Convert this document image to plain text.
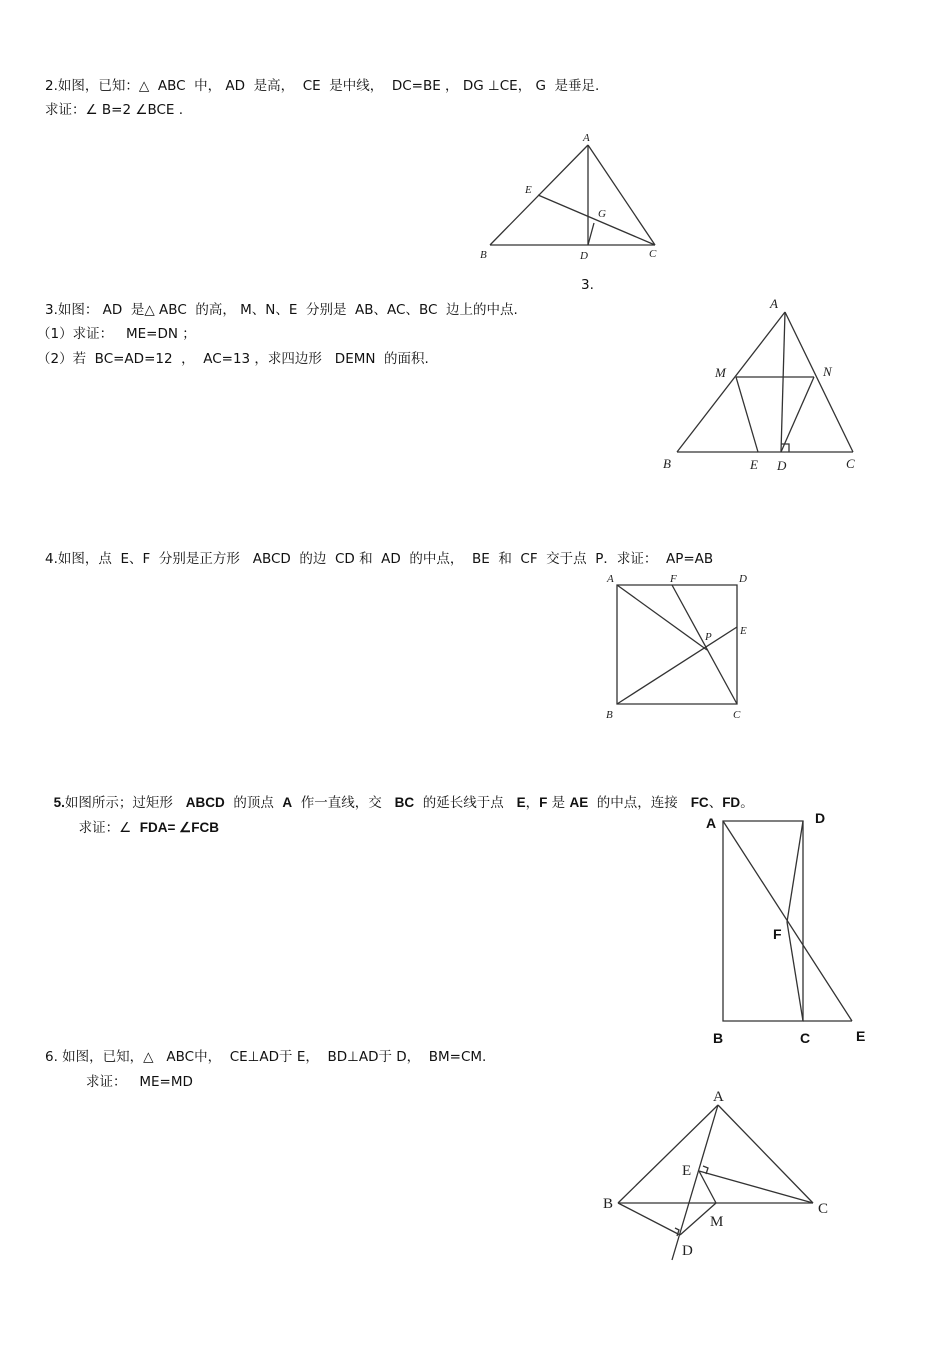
2.如图，已知：△  ABC  中， AD  是高，  CE  是中线，  DC=BE ， DG ⊥CE， G  是垂足.
求证：∠ B=2 ∠BCE .
A
B	C
D
E
G
3.
3.如图： AD  是△ ABC  的高， M、N、E  分别是  AB、AC、BC  边上的中点.
（1）求证：   ME=DN ；
（2）若  BC=AD=12  ，  AC=13 ，求四边形   DEMN  的面积.
A
M	N
B	E D	C
4.如图，点  E、F  分别是正方形   ABCD  的边  CD 和  AD  的中点，  BE  和  CF  交于点  P．求证：  AP=AB
A	F	D
P	E
B	C

5.如图所示；过矩形   ABCD  的顶点  A  作一直线，交   BC  的延长线于点   E，F 是 AE  的中点，连接   FC、FD。

求证：∠  FDA= ∠FCB	A	D
F
B	C	E
6. 如图，已知，△   ABC中，  CE⊥AD于 E，  BD⊥AD于 D，  BM=CM.
求证：   ME=MD
A
E
B
M
C
D
